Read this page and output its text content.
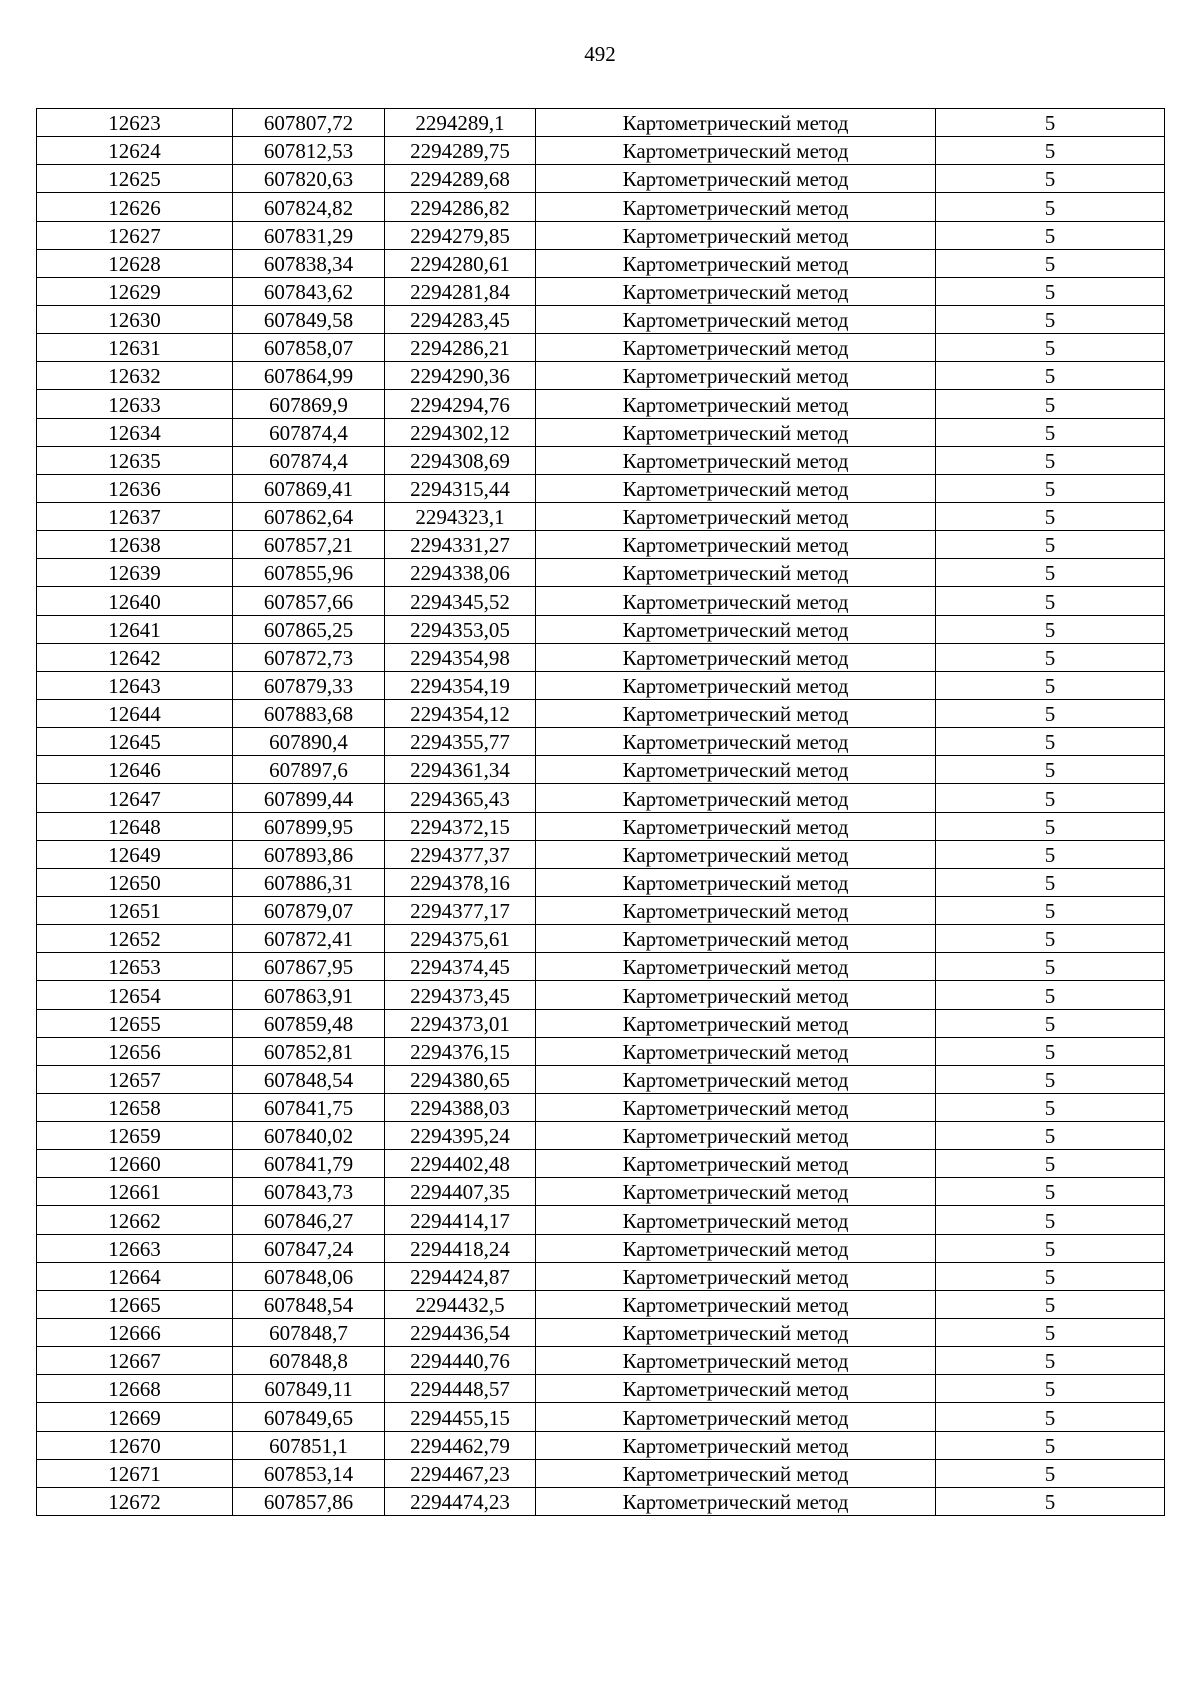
492
12623	607807,72	2294289,1	Картометрический метод	5
12624	607812,53	2294289,75	Картометрический метод	5
12625	607820,63	2294289,68	Картометрический метод	5
12626	607824,82	2294286,82	Картометрический метод	5
12627	607831,29	2294279,85	Картометрический метод	5
12628	607838,34	2294280,61	Картометрический метод	5
12629	607843,62	2294281,84	Картометрический метод	5
12630	607849,58	2294283,45	Картометрический метод	5
12631	607858,07	2294286,21	Картометрический метод	5
12632	607864,99	2294290,36	Картометрический метод	5
12633	607869,9	2294294,76	Картометрический метод	5
12634	607874,4	2294302,12	Картометрический метод	5
12635	607874,4	2294308,69	Картометрический метод	5
12636	607869,41	2294315,44	Картометрический метод	5
12637	607862,64	2294323,1	Картометрический метод	5
12638	607857,21	2294331,27	Картометрический метод	5
12639	607855,96	2294338,06	Картометрический метод	5
12640	607857,66	2294345,52	Картометрический метод	5
12641	607865,25	2294353,05	Картометрический метод	5
12642	607872,73	2294354,98	Картометрический метод	5
12643	607879,33	2294354,19	Картометрический метод	5
12644	607883,68	2294354,12	Картометрический метод	5
12645	607890,4	2294355,77	Картометрический метод	5
12646	607897,6	2294361,34	Картометрический метод	5
12647	607899,44	2294365,43	Картометрический метод	5
12648	607899,95	2294372,15	Картометрический метод	5
12649	607893,86	2294377,37	Картометрический метод	5
12650	607886,31	2294378,16	Картометрический метод	5
12651	607879,07	2294377,17	Картометрический метод	5
12652	607872,41	2294375,61	Картометрический метод	5
12653	607867,95	2294374,45	Картометрический метод	5
12654	607863,91	2294373,45	Картометрический метод	5
12655	607859,48	2294373,01	Картометрический метод	5
12656	607852,81	2294376,15	Картометрический метод	5
12657	607848,54	2294380,65	Картометрический метод	5
12658	607841,75	2294388,03	Картометрический метод	5
12659	607840,02	2294395,24	Картометрический метод	5
12660	607841,79	2294402,48	Картометрический метод	5
12661	607843,73	2294407,35	Картометрический метод	5
12662	607846,27	2294414,17	Картометрический метод	5
12663	607847,24	2294418,24	Картометрический метод	5
12664	607848,06	2294424,87	Картометрический метод	5
12665	607848,54	2294432,5	Картометрический метод	5
12666	607848,7	2294436,54	Картометрический метод	5
12667	607848,8	2294440,76	Картометрический метод	5
12668	607849,11	2294448,57	Картометрический метод	5
12669	607849,65	2294455,15	Картометрический метод	5
12670	607851,1	2294462,79	Картометрический метод	5
12671	607853,14	2294467,23	Картометрический метод	5
12672	607857,86	2294474,23	Картометрический метод	5
